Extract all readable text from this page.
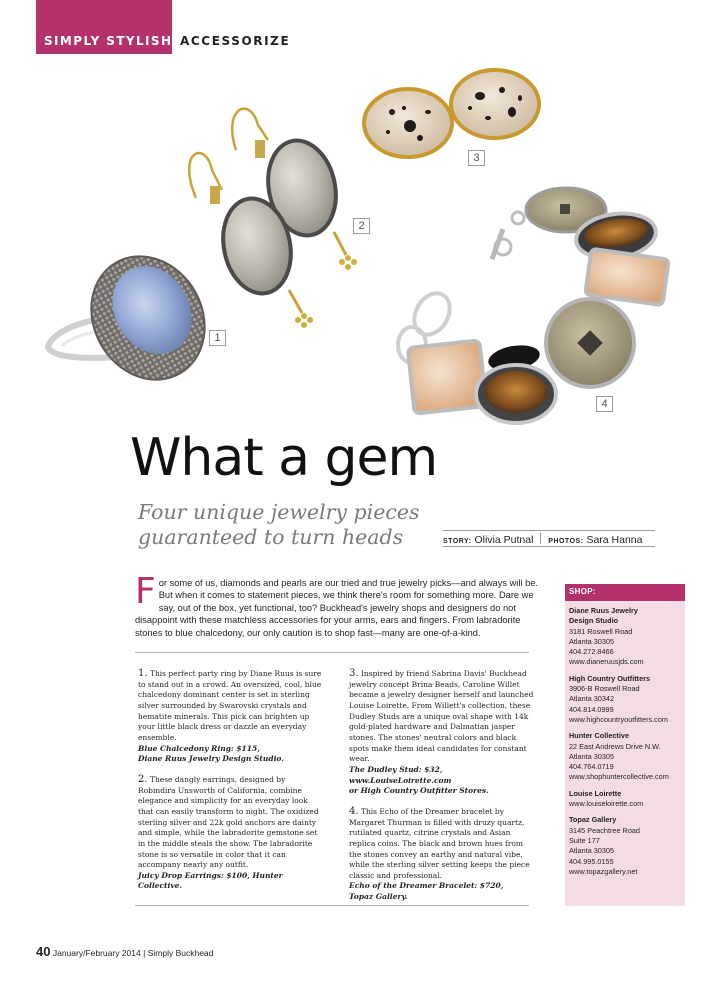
SIMPLY STYLISH ACCESSORIZE
1
2
3
4
What a gem
Four unique jewelry pieces
guaranteed to turn heads	STORY: Olivia Putnal PHOTOS: Sara Hanna
F or some of us, diamonds and pearls are our tried and true jewelry picks—and always will be. But when it comes to statement pieces, we think there's room for something more. Dare we say, out of the box, yet functional, too? Buckhead's jewelry shops and designers do not disappoint with these matchless accessories for your arms, ears and fingers. From labradorite stones to blue chalcedony, our only caution is to shop fast—many are one-of-a-kind.

1. This perfect party ring by Diane Ruus is sure to stand out in a crowd. An oversized, cool, blue chalcedony dominant center is set in sterling silver surrounded by Swarovski crystals and hematite minerals. This pick can brighten up your little black dress or dazzle an everyday ensemble.
Blue Chalcedony Ring: $115,
Diane Ruus Jewelry Design Studio.

2. These dangly earrings, designed by Robindira Unsworth of California, combine elegance and simplicity for an everyday look that can easily transform to night. The oxidized sterling silver and 22k gold anchors are dainty and simple, while the labradorite gemstone set in the middle steals the show. The labradorite stone is so versatile in color that it can accompany nearly any outfit.
Juicy Drop Earrings: $100, Hunter Collective.

3. Inspired by friend Sabrina Davis' Buckhead jewelry concept Brina Beads, Caroline Willet became a jewelry designer herself and launched Louise Loirette. From Willett's collection, these Dudley Studs are a unique oval shape with 14k gold-plated hardware and Dalmatian jasper stones. The stones' neutral colors and black spots make them ideal candidates for constant wear.
The Dudley Stud: $32, www.LouiseLoirette.com
or High Country Outfitter Stores.

4. This Echo of the Dreamer bracelet by Margaret Thurman is filled with druzy quartz, rutilated quartz, citrine crystals and Asian replica coins. The black and brown hues from the stones convey an earthy and natural vibe, while the sterling silver setting keeps the piece classic and professional.
Echo of the Dreamer Bracelet: $720,
Topaz Gallery.

SHOP:
Diane Ruus Jewelry
Design Studio
3181 Roswell Road
Atlanta 30305
404.272.8466
www.dianeruusjds.com
High Country Outfitters
3906-B Roswell Road
Atlanta 30342
404.814.0999
www.highcountryoutfitters.com
Hunter Collective
22 East Andrews Drive N.W.
Atlanta 30305
404.764.0719
www.shophuntercollective.com
Louise Loirette
www.louiseloirette.com
Topaz Gallery
3145 Peachtree Road
Suite 177
Atlanta 30305
404.995.0155
www.topazgallery.net
40 January/February 2014 | Simply Buckhead
